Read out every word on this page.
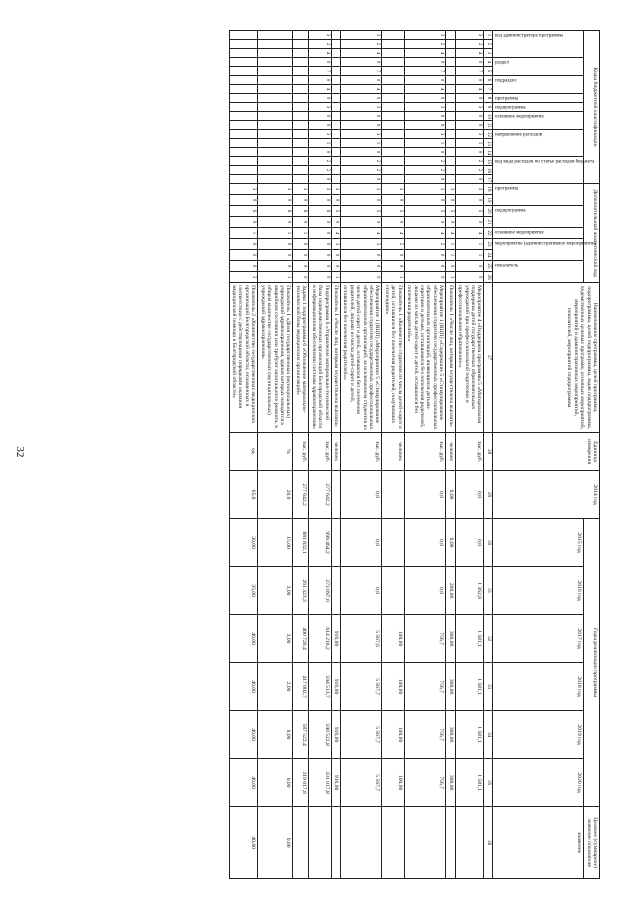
32
Коды бюджетной классификации																	Дополнительный аналитический код									Наименование программы, целей программы, подпрограммы, целей подпрограммы, задач подпрограммы, ведомственных целевых программ, основных мероприятий, мероприятий и административных мероприятий, показателей, мероприятий подпрограммы	Единица измерения	2014 год	Годы реализации программы						Целевое (суммарное) значение показателя	
код администратора программы			раздел		подраздел		программа	подпрограмма	основное мероприятие		направление расходов			код вида расходов по статье расходов бюджета			программа		подпрограмма		основное мероприятие	мероприятие (административное мероприятие)		показатель					2015 год	2016 год	2017 год	2018 год	2019 год	2020 год	значение	
1	2	3	4	5	6	7	8	9	10	11	12	13	14	15	16	17	18	19	20	21	22	23	24	25	26	27	28	29	30	31	32	33	34	35	36	
3	2	4	0	7	0	4	0	3	0	0	3	1	0	2	2	0	3	0	5	0	4	1	1	0	0	Мероприятие 4 «Поддержка программы 5 «Материальная поддержка детей государственных образовательных учреждений при профессиональной подготовке в профессиональном образовании»»	тыс. руб.	0,0	0,0	1 362,8	1 581,1	1 581,1	1 581,1	1 581,1		
																	3	0	5	0	4	1	1	0	1	Показатель 1 «Число лиц, которым осуществлена выплата»	человек	0,00	0,00	200,00	300,00	300,00	300,00	300,00		
3	2	4	0	7	0	4	0	3	0	0	3	1	0	2	2	0	3	0	5	0	4	2	0	0	0	Мероприятие 1 (ВЦП) «Содержание 5 «Стимулирование обеспечения студентов государственных профессиональных образовательных организаций, являющихся детьми-сиротами и детьми, оставшимися без попечения родителей, лицами из числа детей-сирот и детей, оставшихся без попечения родителей»»	тыс. руб.	0,0	0,0	0,0	756,7	756,7	756,7	756,7		
																	3	0	5	0	4	2	0	0	1	Показатель 1 «Количество студентов из числа детей-сирот и детей, оставшихся без попечения родителей, получивших стипендию»	человек				100,00	100,00	100,00	100,00		
3	2	4	0	7	0	4	0	3	0	0	3	1	0	2	2	0	3	0	5	0	4	3	0	0	0	Мероприятие 1 (ВЦП) «Мероприятие 5 «Стимулирование обеспечения студентов государственных профессиональных образовательных организаций, за исключением студентов из числа детей-сирот и детей, оставшихся без попечения родителей, лицами из числа детей-сирот и детей, оставшихся без попечения родителей»»	тыс. руб.	0,0	0,0	0,0	5 567,6	5 567,7	5 567,7	5 567,7		
																	3	0	5	0	4	3	0	0	1	Показатель 1 «Число лиц, которым осуществлена выплата»	человек				916,00	916,00	916,00	916,00		
3	2	4	0	7	0	4	0	3	0	0	3	1	0	2	2	0	3	0	6	0	0	0	0	0	0	Подпрограмма 6 «Управление материально-технической базы подведомственных организаций Белгородской области в информационном обеспечении системы здравоохранения»	тыс. руб.	277 642,2	999 464,2	273 097,0	614 210,2	594 513,7	590 522,8	331 017,8		
																	3	0	6	0	1	0	0	0	0	Задача 1 подпрограммы 6 «Обновление материально-технической базы медицинских организаций»	тыс. руб.	277 642,2	881 832,1	261 323,3	400 720,4	417 002,7	587 522,4	319 017,8		
																	3	0	6	0	1	0	0	0	1	Показатель 1 «Доля государственных (муниципальных) учреждений здравоохранения, здания которых находятся в аварийном состоянии или требуют капитального ремонта, в общем количестве государственных (муниципальных) учреждений здравоохранения»	%	20,0	15,00	3,00	3,00	2,00	0,00	0,00	0,00	
																	3	0	6	0	1	0	0	0	2	Показатель 2 «Количество государственных медицинских организаций Белгородской области, оснащенных в соответствии с действующими порядками оказания медицинской помощи в Белгородской области»	ед.	65,0	30,00	35,00	40,00	40,00	40,00	40,00	40,00	
